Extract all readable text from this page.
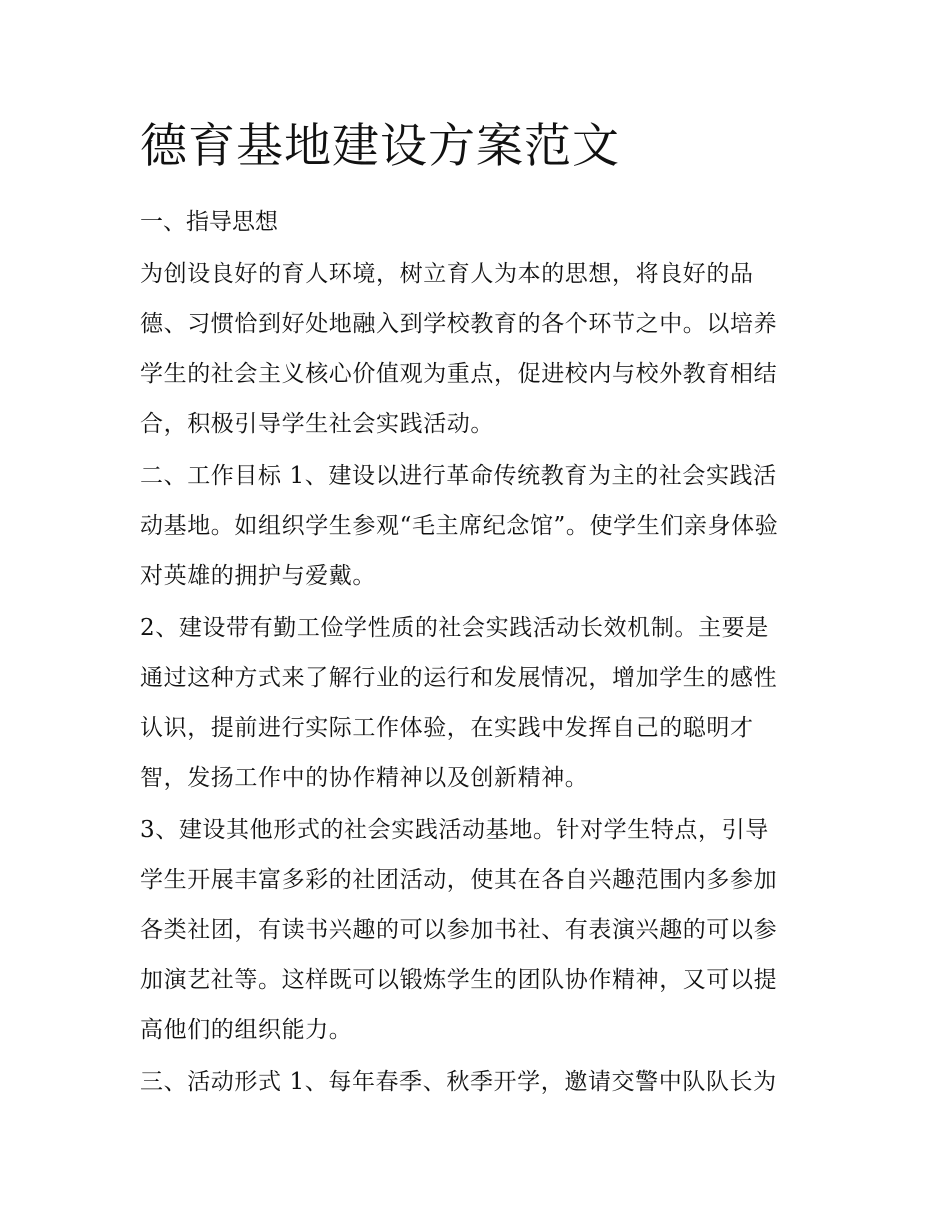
德育基地建设方案范文
一、指导思想
为创设良好的育人环境，树立育人为本的思想，将良好的品
德、习惯恰到好处地融入到学校教育的各个环节之中。以培养
学生的社会主义核心价值观为重点，促进校内与校外教育相结
合，积极引导学生社会实践活动。
二、工作目标 1、建设以进行革命传统教育为主的社会实践活
动基地。如组织学生参观“毛主席纪念馆”。使学生们亲身体验
对英雄的拥护与爱戴。
2、建设带有勤工俭学性质的社会实践活动长效机制。主要是
通过这种方式来了解行业的运行和发展情况，增加学生的感性
认识，提前进行实际工作体验，在实践中发挥自己的聪明才
智，发扬工作中的协作精神以及创新精神。
3、建设其他形式的社会实践活动基地。针对学生特点，引导
学生开展丰富多彩的社团活动，使其在各自兴趣范围内多参加
各类社团，有读书兴趣的可以参加书社、有表演兴趣的可以参
加演艺社等。这样既可以锻炼学生的团队协作精神，又可以提
高他们的组织能力。
三、活动形式 1、每年春季、秋季开学，邀请交警中队队长为
